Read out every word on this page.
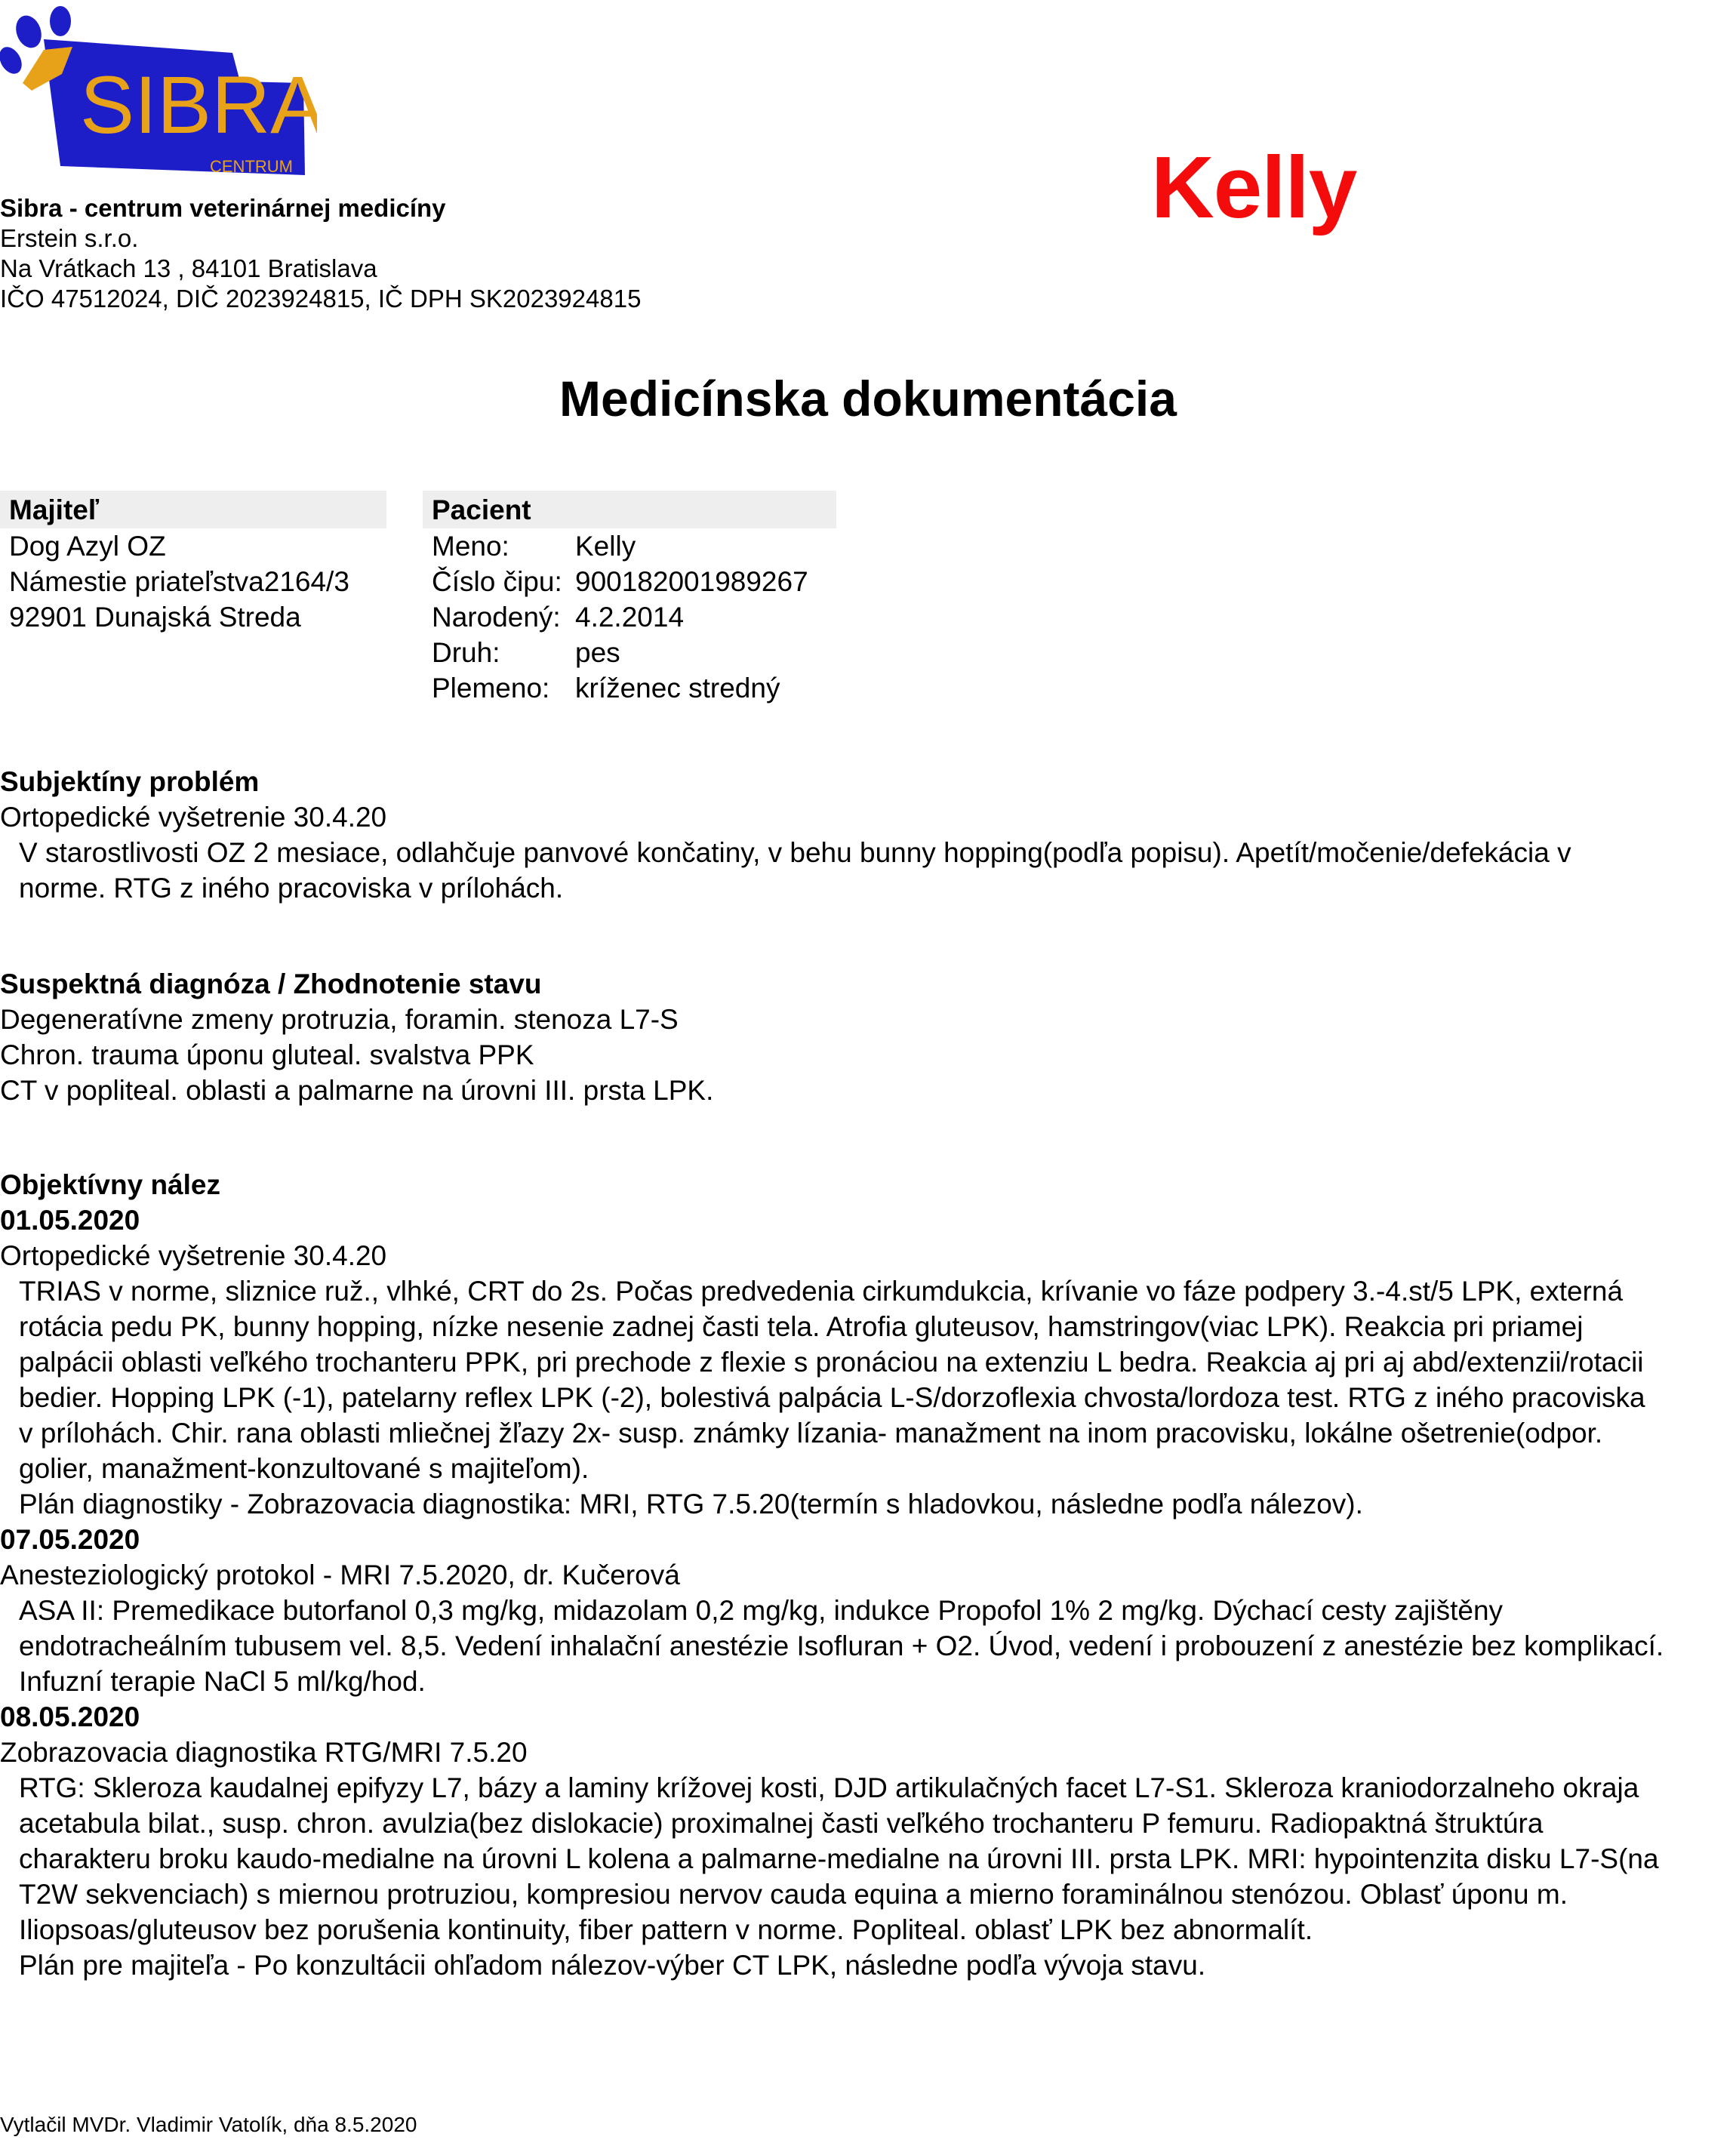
SIBRA
CENTRUM
Sibra - centrum veterinárnej medicíny
Erstein s.r.o.
Na Vrátkach 13 , 84101 Bratislava
IČO 47512024, DIČ 2023924815, IČ DPH SK2023924815
Kelly
Medicínska dokumentácia
Majiteľ
Dog Azyl OZ
Námestie priateľstva2164/3
92901 Dunajská Streda
Pacient
Meno:	Kelly
Číslo čipu: 900182001989267
Narodený: 4.2.2014
Druh:	pes
Plemeno: kríženec stredný
Subjektíny problém
Ortopedické vyšetrenie 30.4.20
V starostlivosti OZ 2 mesiace, odlahčuje panvové končatiny, v behu bunny hopping(podľa popisu). Apetít/močenie/defekácia v
norme. RTG z iného pracoviska v prílohách.
Suspektná diagnóza / Zhodnotenie stavu
Degeneratívne zmeny protruzia, foramin. stenoza L7-S
Chron. trauma úponu gluteal. svalstva PPK
CT v popliteal. oblasti a palmarne na úrovni III. prsta LPK.
Objektívny nález
01.05.2020
Ortopedické vyšetrenie 30.4.20
TRIAS v norme, sliznice ruž., vlhké, CRT do 2s. Počas predvedenia cirkumdukcia, krívanie vo fáze podpery 3.-4.st/5 LPK, externá
rotácia pedu PK, bunny hopping, nízke nesenie zadnej časti tela. Atrofia gluteusov, hamstringov(viac LPK). Reakcia pri priamej
palpácii oblasti veľkého trochanteru PPK, pri prechode z flexie s pronáciou na extenziu L bedra. Reakcia aj pri aj abd/extenzii/rotacii
bedier. Hopping LPK (-1), patelarny reflex LPK (-2), bolestivá palpácia L-S/dorzoflexia chvosta/lordoza test. RTG z iného pracoviska
v prílohách. Chir. rana oblasti mliečnej žľazy 2x- susp. známky lízania- manažment na inom pracovisku, lokálne ošetrenie(odpor.
golier, manažment-konzultované s majiteľom).
Plán diagnostiky - Zobrazovacia diagnostika: MRI, RTG 7.5.20(termín s hladovkou, následne podľa nálezov).
07.05.2020
Anesteziologický protokol - MRI 7.5.2020, dr. Kučerová
ASA II: Premedikace butorfanol 0,3 mg/kg, midazolam 0,2 mg/kg, indukce Propofol 1% 2 mg/kg. Dýchací cesty zajištěny
endotracheálním tubusem vel. 8,5. Vedení inhalační anestézie Isofluran + O2. Úvod, vedení i probouzení z anestézie bez komplikací.
Infuzní terapie NaCl 5 ml/kg/hod.
08.05.2020
Zobrazovacia diagnostika RTG/MRI 7.5.20
RTG: Skleroza kaudalnej epifyzy L7, bázy a laminy krížovej kosti, DJD artikulačných facet L7-S1. Skleroza kraniodorzalneho okraja
acetabula bilat., susp. chron. avulzia(bez dislokacie) proximalnej časti veľkého trochanteru P femuru. Radiopaktná štruktúra
charakteru broku kaudo-medialne na úrovni L kolena a palmarne-medialne na úrovni III. prsta LPK. MRI: hypointenzita disku L7-S(na
T2W sekvenciach) s miernou protruziou, kompresiou nervov cauda equina a mierno foraminálnou stenózou. Oblasť úponu m.
Iliopsoas/gluteusov bez porušenia kontinuity, fiber pattern v norme. Popliteal. oblasť LPK bez abnormalít.
Plán pre majiteľa - Po konzultácii ohľadom nálezov-výber CT LPK, následne podľa vývoja stavu.
Vytlačil MVDr. Vladimir Vatolík, dňa 8.5.2020
